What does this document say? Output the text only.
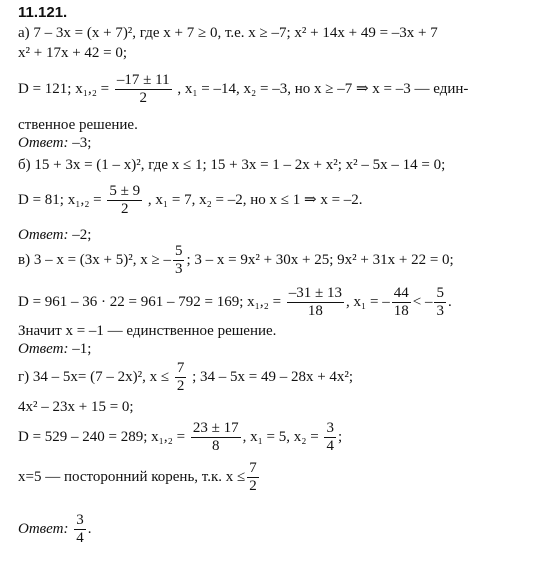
11.121.
а) 7 – 3x = (x + 7)², где x + 7 ≥ 0, т.е. x ≥ –7; x² + 14x + 49 = –3x + 7
x² + 17x + 42 = 0;
D = 121; $x_1,_2 = \frac{-17 \pm 11}{2}$ , x₁ = –14, x₂ = –3, но x ≥ –7 ⇒ x = –3 — един-
ственное решение.
Ответ: –3;
б) 15 + 3x = (1 – x)², где x ≤ 1; 15 + 3x = 1 – 2x + x²; x² – 5x – 14 = 0;
D = 81; $x_1,_2 = \frac{5 \pm 9}{2}$ , x₁ = 7, x₂ = –2, но x ≤ 1 ⇒ x = –2.
Ответ: –2;
в) 3 – x = (3x + 5)², x ≥ – $\frac{5}{3}$ ; 3 – x = 9x² + 30x + 25; 9x² + 31x + 22 = 0;
D = 961 – 36 · 22 = 961 – 792 = 169; $x_1,_2 = \frac{-31 \pm 13}{18}$ , x₁ = – $\frac{44}{18}$ < – $\frac{5}{3}$ .
Значит x = –1 — единственное решение.
Ответ: –1;
г) 34 – 5x= (7 – 2x)², $x \le \frac{7}{2}$ ; 34 – 5x = 49 – 28x + 4x²;
4x² – 23x + 15 = 0;
D = 529 – 240 = 289; $x_1,_2 = \frac{23 \pm 17}{8}$ , x₁ = 5, $x_2 = \frac{3}{4}$ ;
x=5 — посторонний корень, т.к. $x \le \frac{7}{2}$
Ответ: $\frac{3}{4}$ .
